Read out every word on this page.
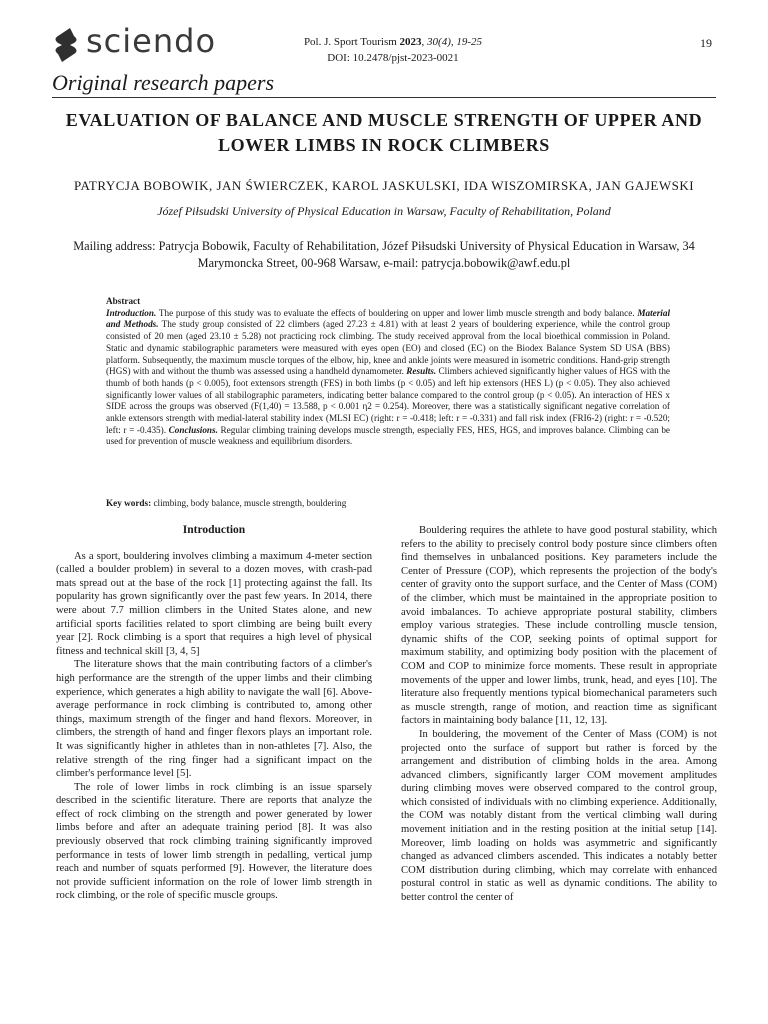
sciendo	Pol. J. Sport Tourism 2023, 30(4), 19-25
DOI: 10.2478/pjst-2023-0021
19
Original research papers
EVALUATION OF BALANCE AND MUSCLE STRENGTH OF UPPER AND LOWER LIMBS IN ROCK CLIMBERS
PATRYCJA BOBOWIK, JAN ŚWIERCZEK, KAROL JASKULSKI, IDA WISZOMIRSKA, JAN GAJEWSKI
Józef Piłsudski University of Physical Education in Warsaw, Faculty of Rehabilitation, Poland
Mailing address: Patrycja Bobowik, Faculty of Rehabilitation, Józef Piłsudski University of Physical Education in Warsaw, 34 Marymoncka Street, 00-968 Warsaw, e-mail: patrycja.bobowik@awf.edu.pl
Abstract
Introduction. The purpose of this study was to evaluate the effects of bouldering on upper and lower limb muscle strength and body balance. Material and Methods. The study group consisted of 22 climbers (aged 27.23 ± 4.81) with at least 2 years of bouldering experience, while the control group consisted of 20 men (aged 23.10 ± 5.28) not practicing rock climbing. The study received approval from the local bioethical commission in Poland. Static and dynamic stabilographic parameters were measured with eyes open (EO) and closed (EC) on the Biodex Balance System SD USA (BBS) platform. Subsequently, the maximum muscle torques of the elbow, hip, knee and ankle joints were measured in isometric conditions. Hand-grip strength (HGS) with and without the thumb was assessed using a handheld dynamometer. Results. Climbers achieved significantly higher values of HGS with the thumb of both hands (p < 0.005), foot extensors strength (FES) in both limbs (p < 0.05) and left hip extensors (HES L) (p < 0.05). They also achieved significantly lower values of all stabilographic parameters, indicating better balance compared to the control group (p < 0.05). An interaction of HES x SIDE across the groups was observed (F(1,40) = 13.588, p < 0.001 η2 = 0.254). Moreover, there was a statistically significant negative correlation of ankle extensors strength with medial-lateral stability index (MLSI EC) (right: r = -0.418; left: r = -0.331) and fall risk index (FRI6-2) (right: r = -0.520; left: r = -0.435). Conclusions. Regular climbing training develops muscle strength, especially FES, HES, HGS, and improves balance. Climbing can be used for prevention of muscle weakness and equilibrium disorders.
Key words: climbing, body balance, muscle strength, bouldering
Introduction

As a sport, bouldering involves climbing a maximum 4-meter section (called a boulder problem) in several to a dozen moves, with crash-pad mats spread out at the base of the rock [1] protecting against the fall. Its popularity has grown significantly over the past few years. In 2014, there were about 7.7 million climbers in the United States alone, and new artificial sports facilities related to sport climbing are being built every year [2]. Rock climbing is a sport that requires a high level of physical fitness and technical skill [3, 4, 5]

The literature shows that the main contributing factors of a climber's high performance are the strength of the upper limbs and their climbing experience, which generates a high ability to navigate the wall [6]. Above-average performance in rock climbing is contributed to, among other things, maximum strength of the finger and hand flexors. Moreover, in climbers, the strength of hand and finger flexors plays an important role. It was significantly higher in athletes than in non-athletes [7]. Also, the relative strength of the ring finger had a significant impact on the climber's performance level [5].

The role of lower limbs in rock climbing is an issue sparsely described in the scientific literature. There are reports that analyze the effect of rock climbing on the strength and power generated by lower limbs before and after an adequate training period [8]. It was also previously observed that rock climbing training significantly improved performance in tests of lower limb strength in pedalling, vertical jump reach and number of squats performed [9]. However, the literature does not provide sufficient information on the role of lower limb strength in rock climbing, or the role of specific muscle groups.

Bouldering requires the athlete to have good postural stability, which refers to the ability to precisely control body posture since climbers often find themselves in unbalanced positions. Key parameters include the Center of Pressure (COP), which represents the projection of the body's center of gravity onto the support surface, and the Center of Mass (COM) of the climber, which must be maintained in the appropriate position to avoid imbalances. To achieve appropriate postural stability, climbers employ various strategies. These include controlling muscle tension, dynamic shifts of the COP, seeking points of optimal support for maximum stability, and optimizing body position with the placement of COM and COP to minimize force moments. These result in appropriate movements of the upper and lower limbs, trunk, head, and eyes [10]. The literature also frequently mentions typical biomechanical parameters such as muscle strength, range of motion, and reaction time as significant factors in maintaining body balance [11, 12, 13].

In bouldering, the movement of the Center of Mass (COM) is not projected onto the surface of support but rather is forced by the arrangement and distribution of climbing holds in the area. Among advanced climbers, significantly larger COM movement amplitudes during climbing moves were observed compared to the control group, which consisted of individuals with no climbing experience. Additionally, the COM was notably distant from the vertical climbing wall during movement initiation and in the resting position at the initial setup [14]. Moreover, limb loading on holds was asymmetric and significantly changed as advanced climbers ascended. This indicates a notably better COM distribution during climbing, which may correlate with enhanced postural control in static as well as dynamic conditions. The ability to better control the center of
